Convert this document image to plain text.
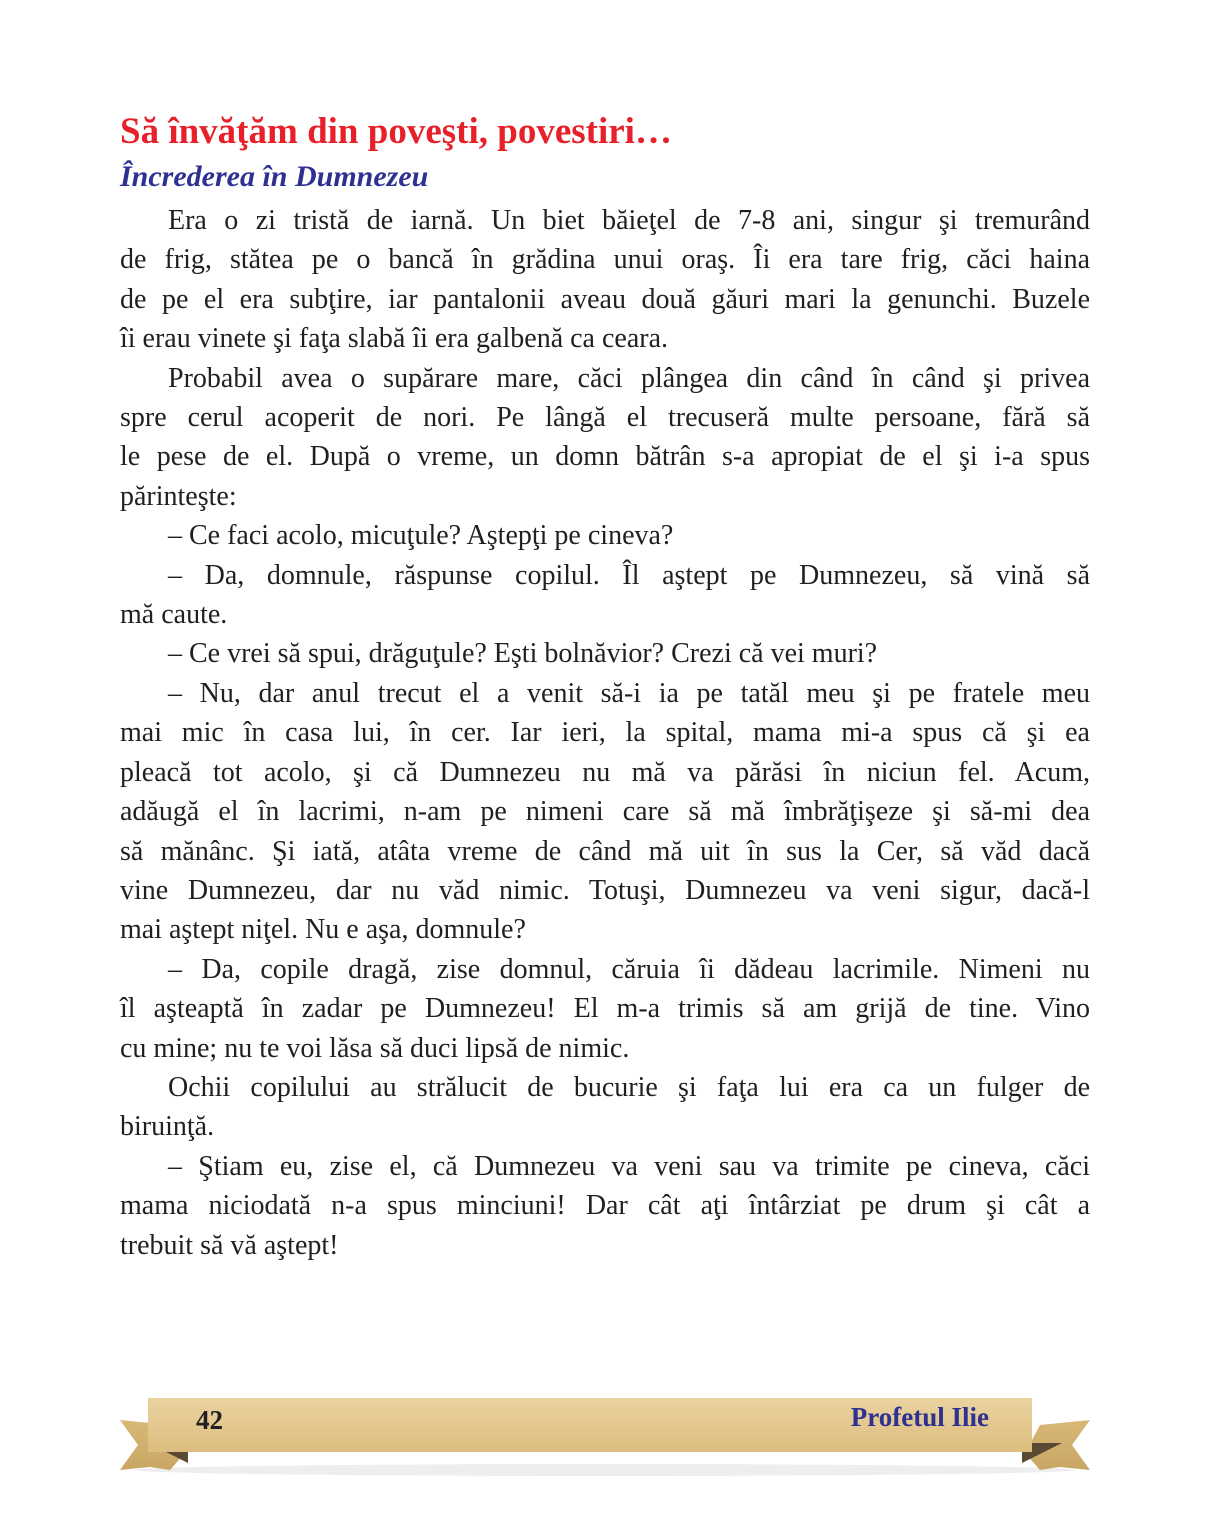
Să învăţăm din poveşti, povestiri…
Încrederea în Dumnezeu
Era o zi tristă de iarnă. Un biet băieţel de 7-8 ani, singur şi tremurând
de frig, stătea pe o bancă în grădina unui oraş. Îi era tare frig, căci haina
de pe el era subţire, iar pantalonii aveau două găuri mari la genunchi. Buzele
îi erau vinete şi faţa slabă îi era galbenă ca ceara.
Probabil avea o supărare mare, căci plângea din când în când şi privea
spre cerul acoperit de nori. Pe lângă el trecuseră multe persoane, fără să
le pese de el. După o vreme, un domn bătrân s-a apropiat de el şi i-a spus
părinteşte:
– Ce faci acolo, micuţule? Aştepţi pe cineva?
– Da, domnule, răspunse copilul. Îl aştept pe Dumnezeu, să vină să
mă caute.
– Ce vrei să spui, drăguţule? Eşti bolnăvior? Crezi că vei muri?
– Nu, dar anul trecut el a venit să-i ia pe tatăl meu şi pe fratele meu
mai mic în casa lui, în cer. Iar ieri, la spital, mama mi-a spus că şi ea
pleacă tot acolo, şi că Dumnezeu nu mă va părăsi în niciun fel. Acum,
adăugă el în lacrimi, n-am pe nimeni care să mă îmbrăţişeze şi să-mi dea
să mănânc. Şi iată, atâta vreme de când mă uit în sus la Cer, să văd dacă
vine Dumnezeu, dar nu văd nimic. Totuşi, Dumnezeu va veni sigur, dacă-l
mai aştept niţel. Nu e aşa, domnule?
– Da, copile dragă, zise domnul, căruia îi dădeau lacrimile. Nimeni nu
îl aşteaptă în zadar pe Dumnezeu! El m-a trimis să am grijă de tine. Vino
cu mine; nu te voi lăsa să duci lipsă de nimic.
Ochii copilului au strălucit de bucurie şi faţa lui era ca un fulger de
biruinţă.
– Ştiam eu, zise el, că Dumnezeu va veni sau va trimite pe cineva, căci
mama niciodată n-a spus minciuni! Dar cât aţi întârziat pe drum şi cât a
trebuit să vă aştept!
42	Profetul Ilie
